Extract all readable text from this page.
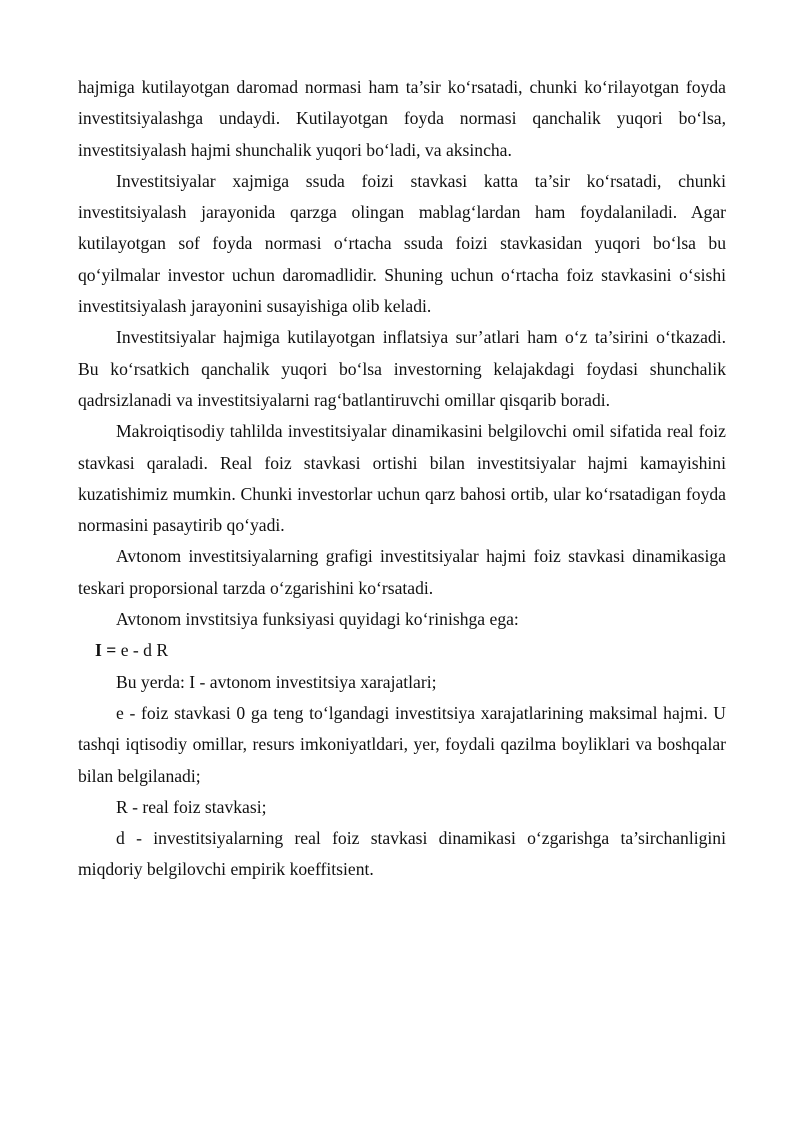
hajmiga kutilayotgan daromad normasi ham ta’sir ko‘rsatadi, chunki ko‘rilayotgan foyda investitsiyalashga undaydi. Kutilayotgan foyda normasi qanchalik yuqori bo‘lsa, investitsiyalash hajmi shunchalik yuqori bo‘ladi, va aksincha.

Investitsiyalar xajmiga ssuda foizi stavkasi katta ta’sir ko‘rsatadi, chunki investitsiyalash jarayonida qarzga olingan mablag‘lardan ham foydalaniladi. Agar kutilayotgan sof foyda normasi o‘rtacha ssuda foizi stavkasidan yuqori bo‘lsa bu qo‘yilmalar investor uchun daromadlidir. Shuning uchun o‘rtacha foiz stavkasini o‘sishi investitsiyalash jarayonini susayishiga olib keladi.

Investitsiyalar hajmiga kutilayotgan inflatsiya sur’atlari ham o‘z ta’sirini o‘tkazadi. Bu ko‘rsatkich qanchalik yuqori bo‘lsa investorning kelajakdagi foydasi shunchalik qadrsizlanadi va investitsiyalarni rag‘batlantiruvchi omillar qisqarib boradi.

Makroiqtisodiy tahlilda investitsiyalar dinamikasini belgilovchi omil sifatida real foiz stavkasi qaraladi. Real foiz stavkasi ortishi bilan investitsiyalar hajmi kamayishini kuzatishimiz mumkin. Chunki investorlar uchun qarz bahosi ortib, ular ko‘rsatadigan foyda normasini pasaytirib qo‘yadi.

Avtonom investitsiyalarning grafigi investitsiyalar hajmi foiz stavkasi dinamikasiga teskari proporsional tarzda o‘zgarishini ko‘rsatadi.

Avtonom invstitsiya funksiyasi quyidagi ko‘rinishga ega:

I = e - d R

Bu yerda: I - avtonom investitsiya xarajatlari;

e - foiz stavkasi 0 ga teng to‘lgandagi investitsiya xarajatlarining maksimal hajmi. U tashqi iqtisodiy omillar, resurs imkoniyatldari, yer, foydali qazilma boyliklari va boshqalar bilan belgilanadi;

R - real foiz stavkasi;

d - investitsiyalarning real foiz stavkasi dinamikasi o‘zgarishga ta’sirchanligini miqdoriy belgilovchi empirik koeffitsient.
